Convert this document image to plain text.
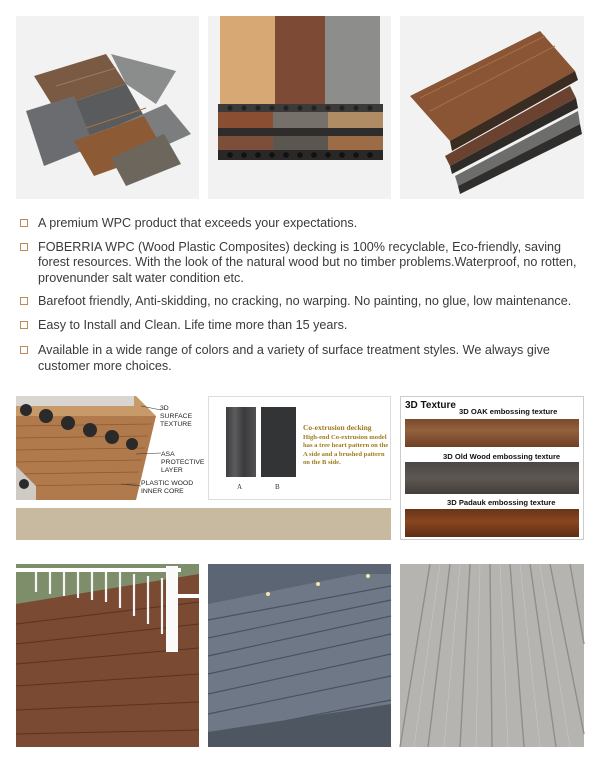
A premium WPC product that exceeds your expectations.
FOBERRIA WPC (Wood Plastic Composites) decking is 100% recyclable, Eco-friendly, saving forest resources. With the look of the natural wood but no timber problems.Waterproof, no rotten, provenunder salt water condition etc.
Barefoot friendly, Anti-skidding, no cracking, no warping. No painting, no glue, low maintenance.
Easy to Install and Clean. Life time more than 15 years.
Available in a wide range of colors and a variety of surface treatment styles. We always give customer more choices.
3D SURFACE TEXTURE
ASA PROTECTIVE LAYER
PLASTIC WOOD INNER CORE
A	B
Co-extrusion decking
High-end Co-extrusion model has a tree heart pattern on the A side and a brushed pattern on the B side.
3D Texture
3D OAK embossing texture
3D Old Wood embossing texture
3D Padauk embossing texture
